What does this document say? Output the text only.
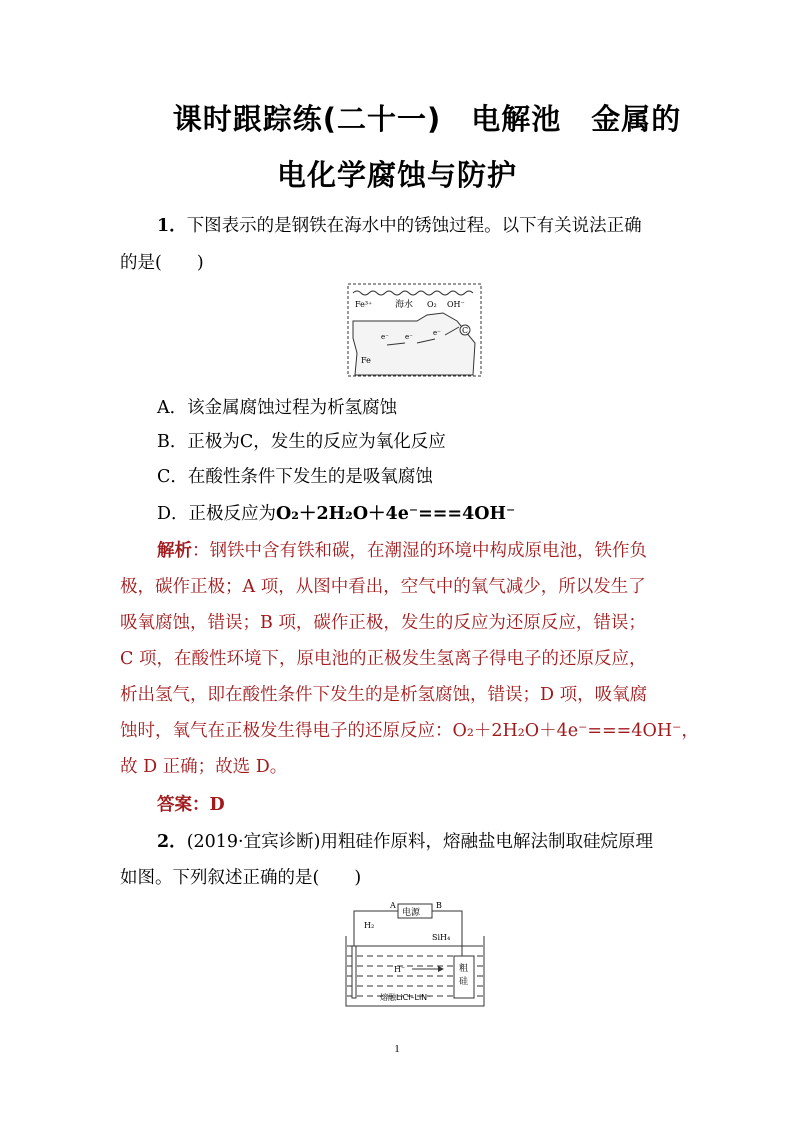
课时跟踪练(二十一)　电解池　金属的
电化学腐蚀与防护
1．下图表示的是钢铁在海水中的锈蚀过程。以下有关说法正确
的是(　　)
Fe³⁺	海水 O₂ OH⁻
C
e⁻ e⁻	e⁻
Fe
A．该金属腐蚀过程为析氢腐蚀
B．正极为C，发生的反应为氧化反应
C．在酸性条件下发生的是吸氧腐蚀
D．正极反应为O₂＋2H₂O＋4e⁻===4OH⁻
解析：钢铁中含有铁和碳，在潮湿的环境中构成原电池，铁作负
极，碳作正极；A 项，从图中看出，空气中的氧气减少，所以发生了
吸氧腐蚀，错误；B 项，碳作正极，发生的反应为还原反应，错误；
C 项，在酸性环境下，原电池的正极发生氢离子得电子的还原反应，
析出氢气，即在酸性条件下发生的是析氢腐蚀，错误；D 项，吸氧腐
蚀时，氧气在正极发生得电子的还原反应：O₂＋2H₂O＋4e⁻===4OH⁻，
故 D 正确；故选 D。
答案：D
2．(2019·宜宾诊断)用粗硅作原料，熔融盐电解法制取硅烷原理
如图。下列叙述正确的是(　　)
电源
A	B
粗
硅
H₂
SiH₄
H⁻
熔融LiCl–LiN⁻
1
